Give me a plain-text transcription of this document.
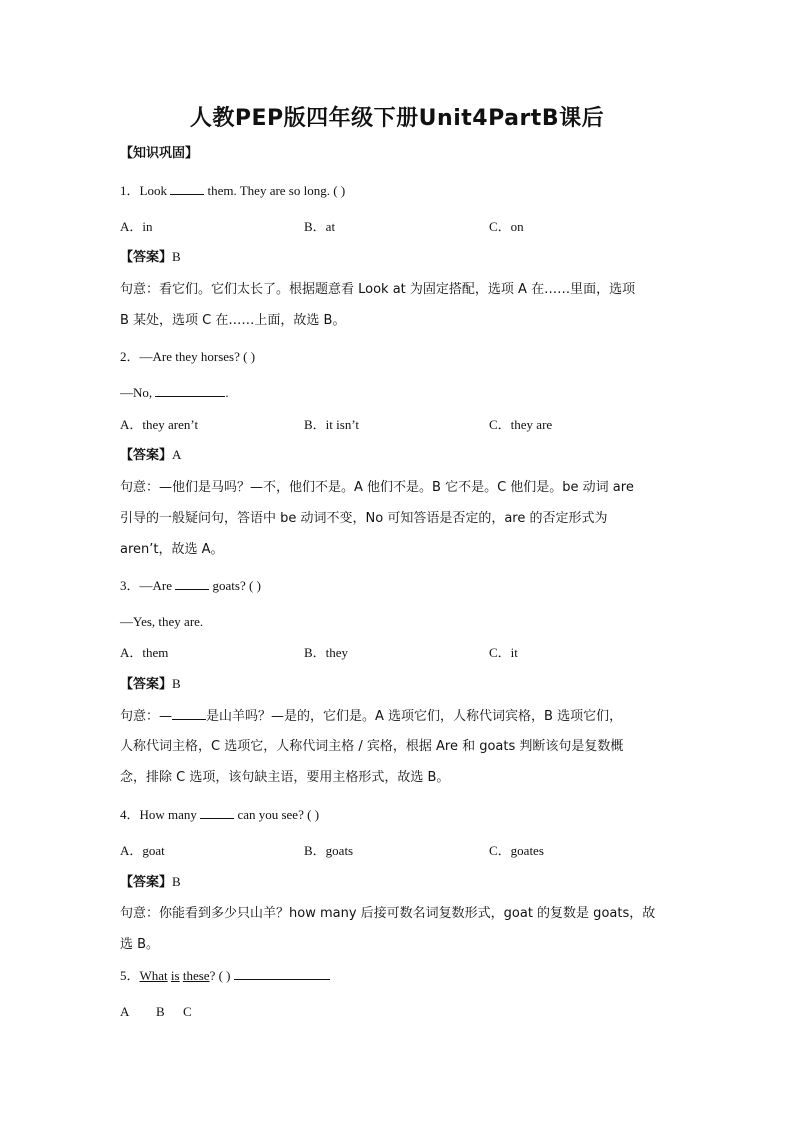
人教PEP版四年级下册Unit4PartB课后
【知识巩固】
1．Look	them. They are so long. ( )
A．in	B．at	C．on
【答案】B
句意：看它们。它们太长了。根据题意看 Look at 为固定搭配，选项 A 在……里面，选项
B 某处，选项 C 在……上面，故选 B。
2．—Are they horses? ( )
—No,	.
A．they aren’t	B．it isn’t	C．they are
【答案】A
句意：—他们是马吗？—不，他们不是。A 他们不是。B 它不是。C 他们是。be 动词 are
引导的一般疑问句，答语中 be 动词不变，No 可知答语是否定的，are 的否定形式为
aren’t，故选 A。
3．—Are	goats? ( )
—Yes, they are.
A．them	B．they	C．it
【答案】B
句意：—	是山羊吗？—是的，它们是。A 选项它们，人称代词宾格，B 选项它们，
人称代词主格，C 选项它，人称代词主格 / 宾格，根据 Are 和 goats 判断该句是复数概
念，排除 C 选项，该句缺主语，要用主格形式，故选 B。
4．How many	can you see? ( )
A．goat	B．goats	C．goates
【答案】B
句意：你能看到多少只山羊？how many 后接可数名词复数形式，goat 的复数是 goats，故
选 B。
5．What is these? ( )
A B C
